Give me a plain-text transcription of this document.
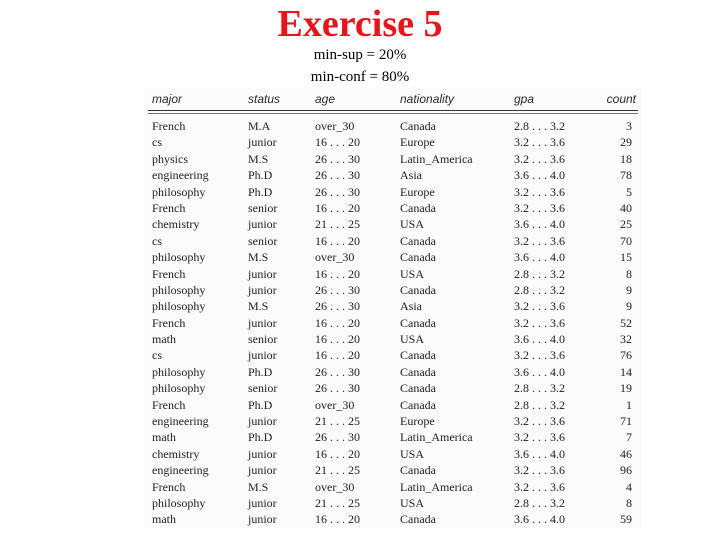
Exercise 5
min-sup = 20%
min-conf = 80%
major	status	age	nationality	gpa	count
French	M.A	over_30	Canada	2.8 . . . 3.2	3
cs	junior	16 . . . 20	Europe	3.2 . . . 3.6	29
physics	M.S	26 . . . 30	Latin_America	3.2 . . . 3.6	18
engineering	Ph.D	26 . . . 30	Asia	3.6 . . . 4.0	78
philosophy	Ph.D	26 . . . 30	Europe	3.2 . . . 3.6	5
French	senior	16 . . . 20	Canada	3.2 . . . 3.6	40
chemistry	junior	21 . . . 25	USA	3.6 . . . 4.0	25
cs	senior	16 . . . 20	Canada	3.2 . . . 3.6	70
philosophy	M.S	over_30	Canada	3.6 . . . 4.0	15
French	junior	16 . . . 20	USA	2.8 . . . 3.2	8
philosophy	junior	26 . . . 30	Canada	2.8 . . . 3.2	9
philosophy	M.S	26 . . . 30	Asia	3.2 . . . 3.6	9
French	junior	16 . . . 20	Canada	3.2 . . . 3.6	52
math	senior	16 . . . 20	USA	3.6 . . . 4.0	32
cs	junior	16 . . . 20	Canada	3.2 . . . 3.6	76
philosophy	Ph.D	26 . . . 30	Canada	3.6 . . . 4.0	14
philosophy	senior	26 . . . 30	Canada	2.8 . . . 3.2	19
French	Ph.D	over_30	Canada	2.8 . . . 3.2	1
engineering	junior	21 . . . 25	Europe	3.2 . . . 3.6	71
math	Ph.D	26 . . . 30	Latin_America	3.2 . . . 3.6	7
chemistry	junior	16 . . . 20	USA	3.6 . . . 4.0	46
engineering	junior	21 . . . 25	Canada	3.2 . . . 3.6	96
French	M.S	over_30	Latin_America	3.2 . . . 3.6	4
philosophy	junior	21 . . . 25	USA	2.8 . . . 3.2	8
math	junior	16 . . . 20	Canada	3.6 . . . 4.0	59
